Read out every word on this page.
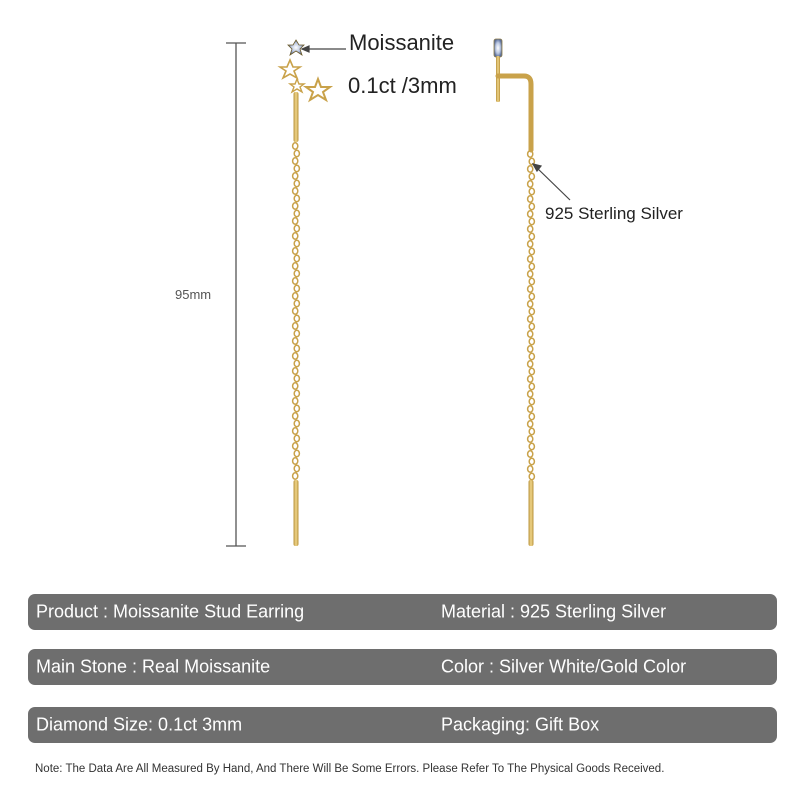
Moissanite
0.1ct /3mm
925 Sterling Silver
95mm
Product : Moissanite Stud Earring	Material : 925 Sterling Silver
Main Stone : Real Moissanite	Color : Silver White/Gold Color
Diamond Size: 0.1ct 3mm	Packaging: Gift Box
Note: The Data Are All Measured By Hand, And There Will Be Some Errors. Please Refer To The Physical Goods Received.
